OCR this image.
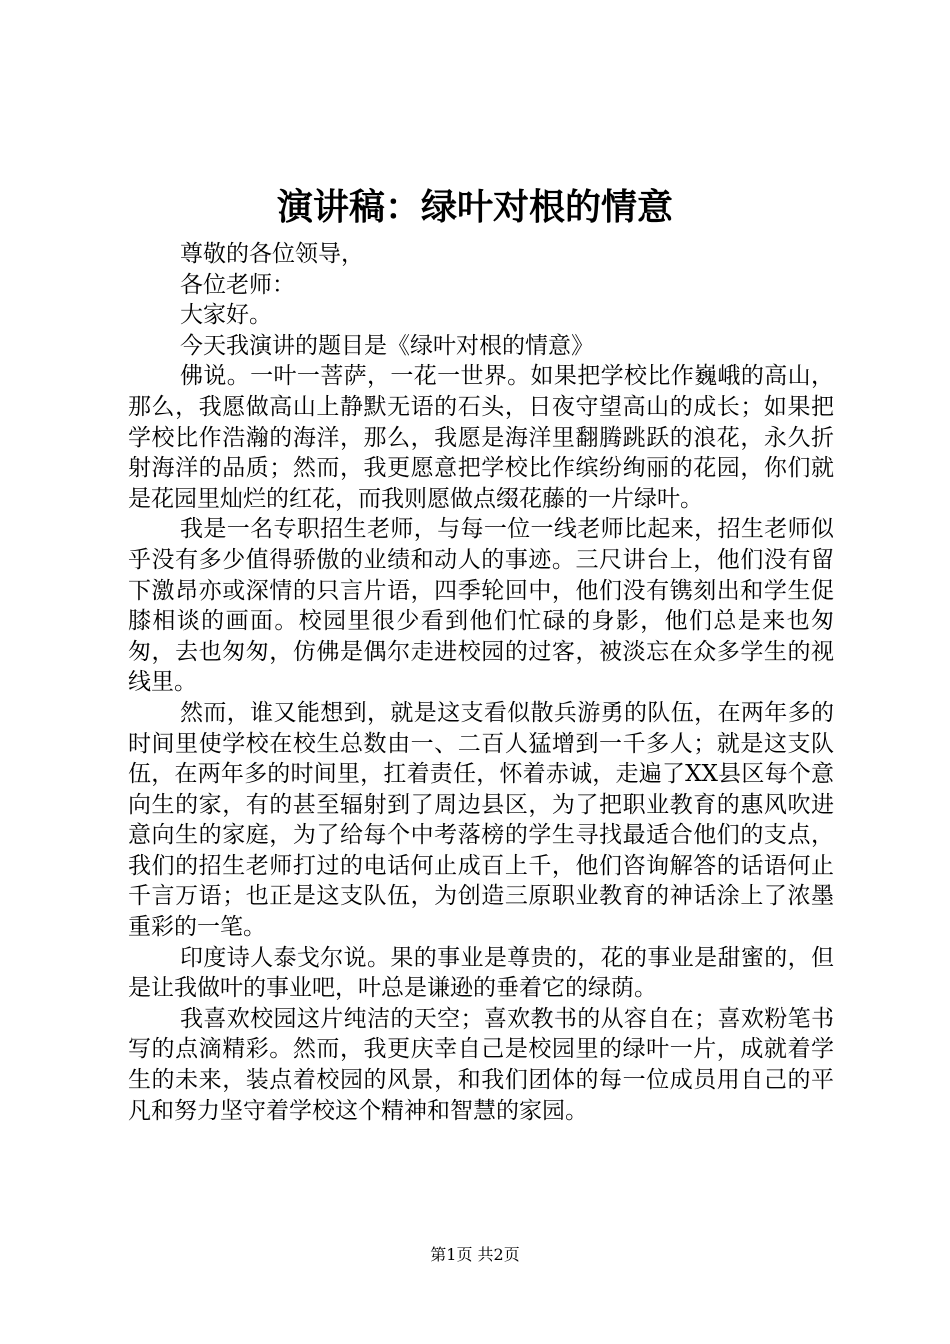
演讲稿：绿叶对根的情意

尊敬的各位领导，

各位老师：

大家好。

今天我演讲的题目是《绿叶对根的情意》

佛说。一叶一菩萨，一花一世界。如果把学校比作巍峨的高山，那么，我愿做高山上静默无语的石头，日夜守望高山的成长；如果把学校比作浩瀚的海洋，那么，我愿是海洋里翻腾跳跃的浪花，永久折射海洋的品质；然而，我更愿意把学校比作缤纷绚丽的花园，你们就是花园里灿烂的红花，而我则愿做点缀花藤的一片绿叶。

我是一名专职招生老师，与每一位一线老师比起来，招生老师似乎没有多少值得骄傲的业绩和动人的事迹。三尺讲台上，他们没有留下激昂亦或深情的只言片语，四季轮回中，他们没有镌刻出和学生促膝相谈的画面。校园里很少看到他们忙碌的身影，他们总是来也匆匆，去也匆匆，仿佛是偶尔走进校园的过客，被淡忘在众多学生的视线里。

然而，谁又能想到，就是这支看似散兵游勇的队伍，在两年多的时间里使学校在校生总数由一、二百人猛增到一千多人；就是这支队伍，在两年多的时间里，扛着责任，怀着赤诚，走遍了XX县区每个意向生的家，有的甚至辐射到了周边县区，为了把职业教育的惠风吹进意向生的家庭，为了给每个中考落榜的学生寻找最适合他们的支点，我们的招生老师打过的电话何止成百上千，他们咨询解答的话语何止千言万语；也正是这支队伍，为创造三原职业教育的神话涂上了浓墨重彩的一笔。

印度诗人泰戈尔说。果的事业是尊贵的，花的事业是甜蜜的，但是让我做叶的事业吧，叶总是谦逊的垂着它的绿荫。

我喜欢校园这片纯洁的天空；喜欢教书的从容自在；喜欢粉笔书写的点滴精彩。然而，我更庆幸自己是校园里的绿叶一片，成就着学生的未来，装点着校园的风景，和我们团体的每一位成员用自己的平凡和努力坚守着学校这个精神和智慧的家园。

第1页 共2页
